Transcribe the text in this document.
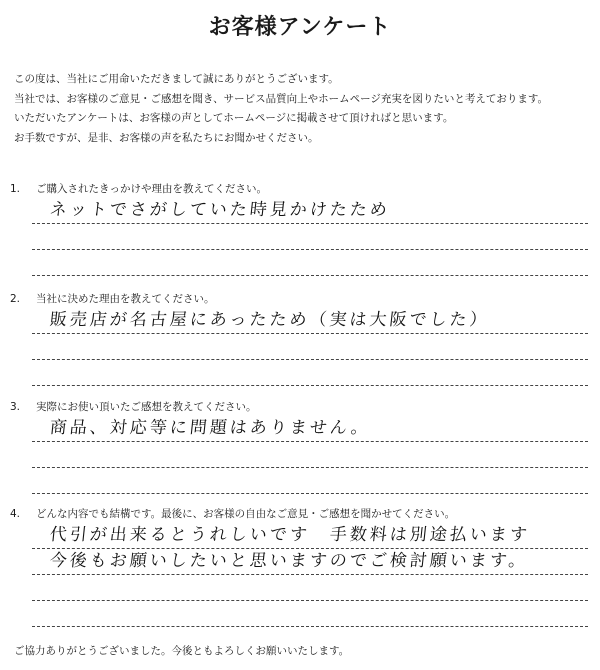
お客様アンケート
この度は、当社にご用命いただきまして誠にありがとうございます。
当社では、お客様のご意見・ご感想を聞き、サービス品質向上やホームページ充実を図りたいと考えております。
いただいたアンケートは、お客様の声としてホームページに掲載させて頂ければと思います。
お手数ですが、是非、お客様の声を私たちにお聞かせください。
1. ご購入されたきっかけや理由を教えてください。
ネットでさがしていた時見かけたため
2. 当社に決めた理由を教えてください。
販売店が名古屋にあったため（実は大阪でした）
3. 実際にお使い頂いたご感想を教えてください。
商品、対応等に問題はありません。
4. どんな内容でも結構です。最後に、お客様の自由なご意見・ご感想を聞かせてください。
代引が出来るとうれしいです　手数料は別途払います
今後もお願いしたいと思いますのでご検討願います。
ご協力ありがとうございました。今後ともよろしくお願いいたします。
